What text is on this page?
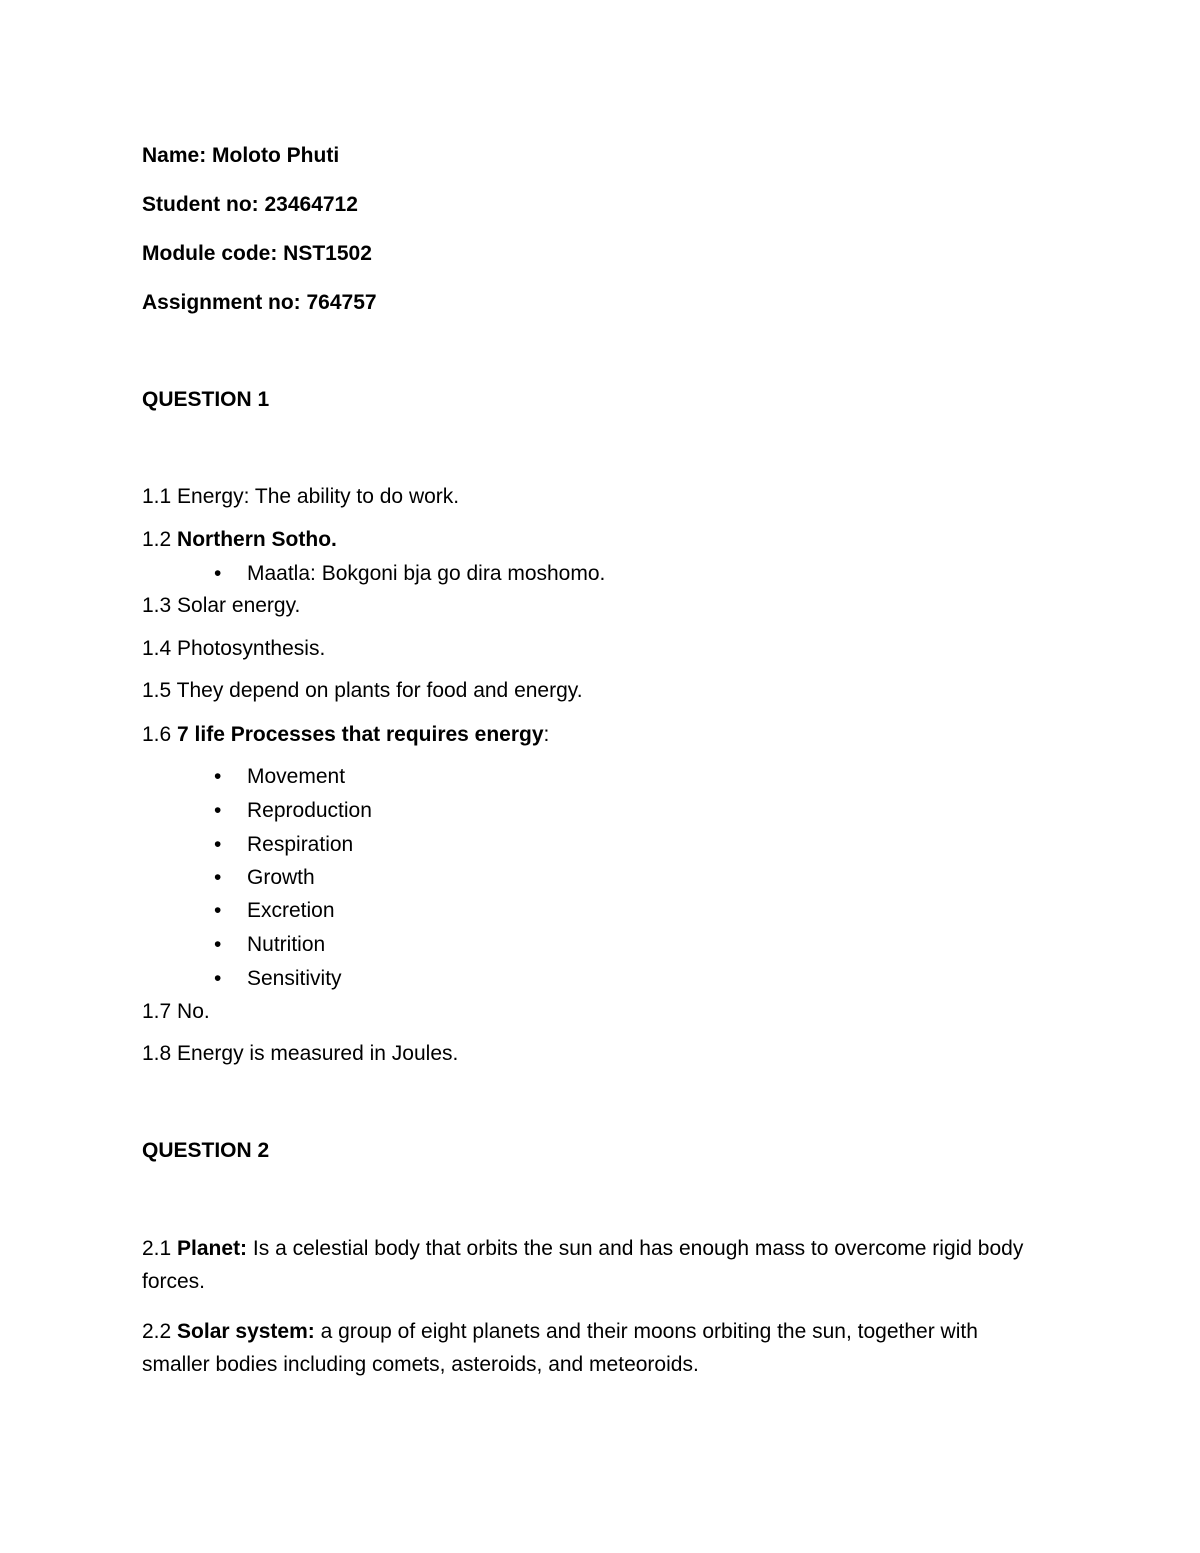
Name: Moloto Phuti
Student no: 23464712
Module code: NST1502
Assignment no: 764757
QUESTION 1
1.1 Energy: The ability to do work.
1.2 Northern Sotho.
• Maatla: Bokgoni bja go dira moshomo.
1.3 Solar energy.
1.4 Photosynthesis.
1.5 They depend on plants for food and energy.
1.6 7 life Processes that requires energy:
• Movement
• Reproduction
• Respiration
• Growth
• Excretion
• Nutrition
• Sensitivity
1.7 No.
1.8 Energy is measured in Joules.
QUESTION 2
2.1 Planet: Is a celestial body that orbits the sun and has enough mass to overcome rigid body forces.
2.2 Solar system: a group of eight planets and their moons orbiting the sun, together with smaller bodies including comets, asteroids, and meteoroids.
